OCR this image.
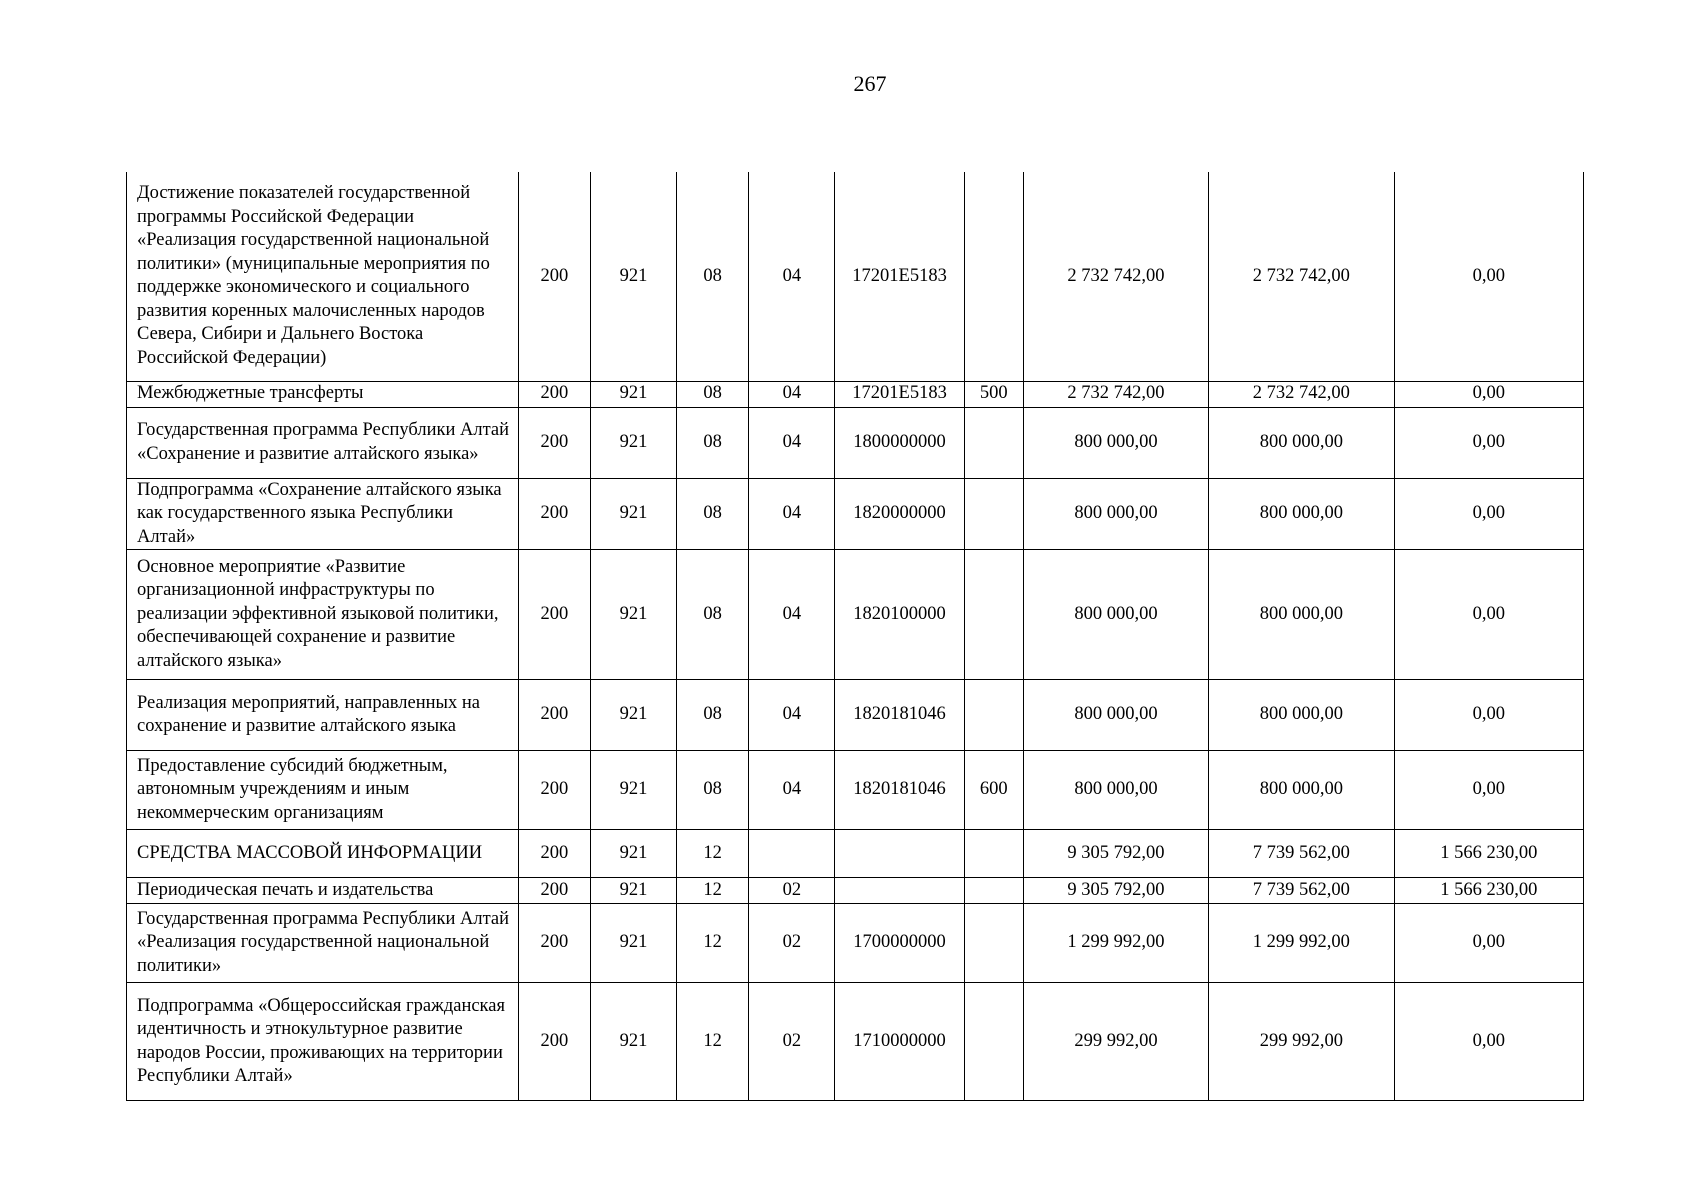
267
Достижение показателей государственной программы Российской Федерации «Реализация государственной национальной политики» (муниципальные мероприятия по поддержке экономического и социального развития коренных малочисленных народов Севера, Сибири и Дальнего Востока Российской Федерации)	200	921	08	04	17201E5183		2 732 742,00	2 732 742,00	0,00
Межбюджетные трансферты	200	921	08	04	17201E5183	500	2 732 742,00	2 732 742,00	0,00
Государственная программа Республики Алтай «Сохранение и развитие алтайского языка»	200	921	08	04	1800000000		800 000,00	800 000,00	0,00
Подпрограмма «Сохранение алтайского языка как государственного языка Республики Алтай»	200	921	08	04	1820000000		800 000,00	800 000,00	0,00
Основное мероприятие «Развитие организационной инфраструктуры по реализации эффективной языковой политики, обеспечивающей сохранение и развитие алтайского языка»	200	921	08	04	1820100000		800 000,00	800 000,00	0,00
Реализация мероприятий, направленных на сохранение и развитие алтайского языка	200	921	08	04	1820181046		800 000,00	800 000,00	0,00
Предоставление субсидий бюджетным, автономным учреждениям и иным некоммерческим организациям	200	921	08	04	1820181046	600	800 000,00	800 000,00	0,00
СРЕДСТВА МАССОВОЙ ИНФОРМАЦИИ	200	921	12				9 305 792,00	7 739 562,00	1 566 230,00
Периодическая печать и издательства	200	921	12	02			9 305 792,00	7 739 562,00	1 566 230,00
Государственная программа Республики Алтай «Реализация государственной национальной политики»	200	921	12	02	1700000000		1 299 992,00	1 299 992,00	0,00
Подпрограмма «Общероссийская гражданская идентичность и этнокультурное развитие народов России, проживающих на территории Республики Алтай»	200	921	12	02	1710000000		299 992,00	299 992,00	0,00
